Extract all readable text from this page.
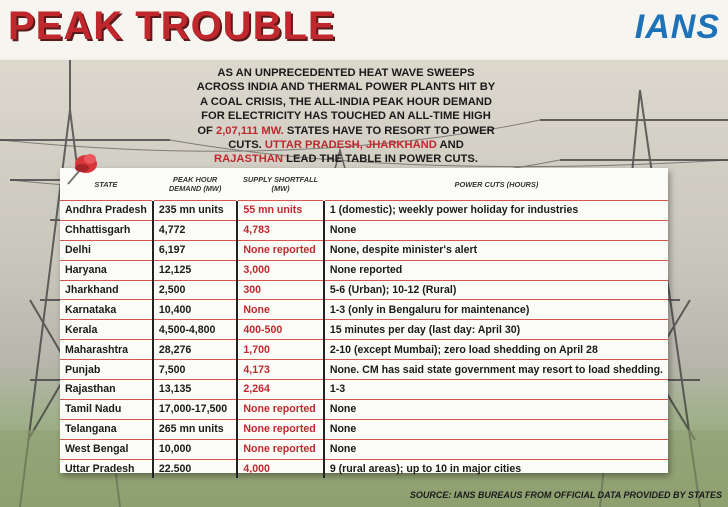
PEAK TROUBLE	IANS
AS AN UNPRECEDENTED HEAT WAVE SWEEPS ACROSS INDIA AND THERMAL POWER PLANTS HIT BY A COAL CRISIS, THE ALL-INDIA PEAK HOUR DEMAND FOR ELECTRICITY HAS TOUCHED AN ALL-TIME HIGH OF 2,07,111 MW. STATES HAVE TO RESORT TO POWER CUTS. UTTAR PRADESH, JHARKHAND AND RAJASTHAN LEAD THE TABLE IN POWER CUTS.
STATE	PEAK HOUR DEMAND (MW)	SUPPLY SHORTFALL (MW)	POWER CUTS (HOURS)
Andhra Pradesh	235 mn units	55 mn units	1 (domestic); weekly power holiday for industries
Chhattisgarh	4,772	4,783	None
Delhi	6,197	None reported	None, despite minister's alert
Haryana	12,125	3,000	None reported
Jharkhand	2,500	300	5-6 (Urban); 10-12 (Rural)
Karnataka	10,400	None	1-3 (only in Bengaluru for maintenance)
Kerala	4,500-4,800	400-500	15 minutes per day (last day: April 30)
Maharashtra	28,276	1,700	2-10 (except Mumbai); zero load shedding on April 28
Punjab	7,500	4,173	None. CM has said state government may resort to load shedding.
Rajasthan	13,135	2,264	1-3
Tamil Nadu	17,000-17,500	None reported	None
Telangana	265 mn units	None reported	None
West Bengal	10,000	None reported	None
Uttar Pradesh	22.500	4,000	9 (rural areas); up to 10 in major cities
SOURCE: IANS BUREAUS FROM OFFICIAL DATA PROVIDED BY STATES
